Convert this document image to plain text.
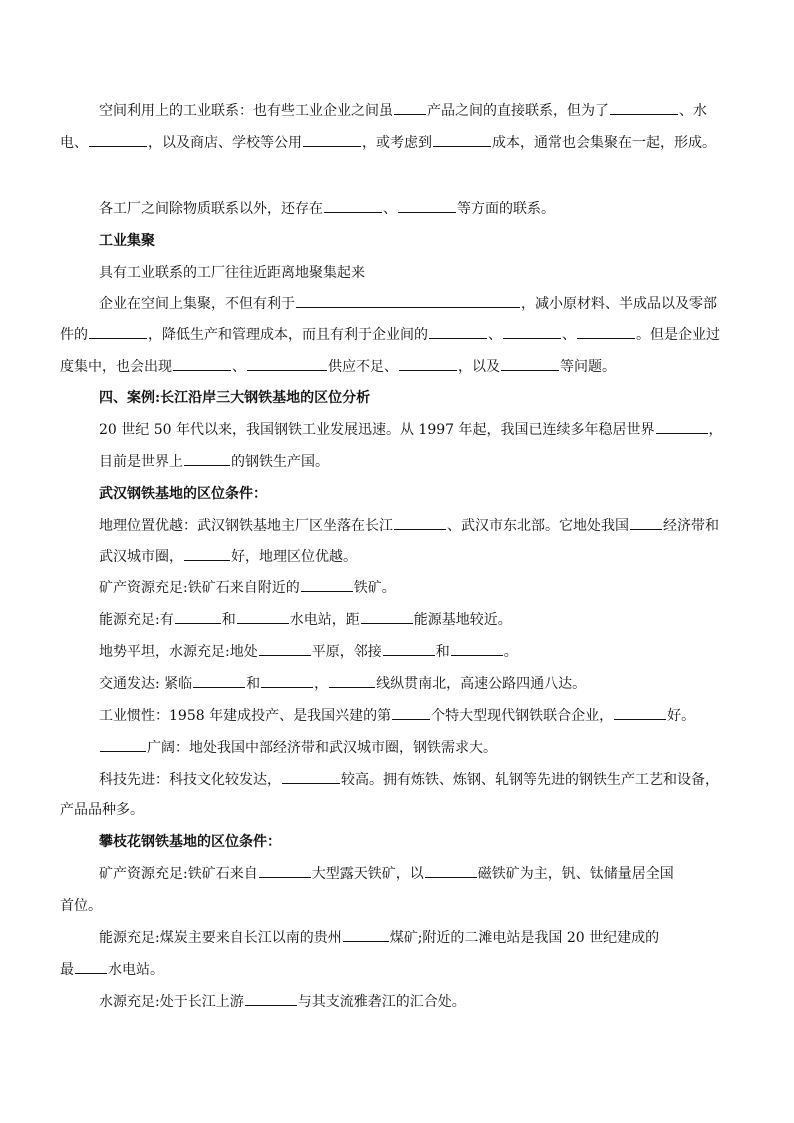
空间利用上的工业联系：也有些工业企业之间虽 产品之间的直接联系，但为了	、水
电、	，以及商店、学校等公用	，或考虑到	成本，通常也会集聚在一起，形成。
各工厂之间除物质联系以外，还存在	、	等方面的联系。
工业集聚
具有工业联系的工厂往往近距离地聚集起来
企业在空间上集聚，不但有利于	，减小原材料、半成品以及零部
件的	，降低生产和管理成本，而且有利于企业间的	、	、	。但是企业过
度集中，也会出现	、	供应不足、	，以及	等问题。
四、案例:长江沿岸三大钢铁基地的区位分析
20 世纪 50 年代以来，我国钢铁工业发展迅速。从 1997 年起，我国已连续多年稳居世界	，
目前是世界上	的钢铁生产国。
武汉钢铁基地的区位条件：
地理位置优越：武汉钢铁基地主厂区坐落在长江	、武汉市东北部。它地处我国 经济带和
武汉城市圈，	好，地理区位优越。
矿产资源充足:铁矿石来自附近的	铁矿。
能源充足:有	和	水电站，距	能源基地较近。
地势平坦，水源充足:地处	平原，邻接	和	。
交通发达: 紧临	和	，	线纵贯南北，高速公路四通八达。
工业惯性：1958 年建成投产、是我国兴建的第	个特大型现代钢铁联合企业，	好。
广阔：地处我国中部经济带和武汉城市圈，钢铁需求大。
科技先进：科技文化较发达，	较高。拥有炼铁、炼钢、轧钢等先进的钢铁生产工艺和设备，
产品品种多。
攀枝花钢铁基地的区位条件：
矿产资源充足:铁矿石来自	大型露天铁矿，以	磁铁矿为主，钒、钛储量居全国
首位。
能源充足:煤炭主要来自长江以南的贵州	煤矿;附近的二滩电站是我国 20 世纪建成的
最 水电站。
水源充足:处于长江上游	与其支流雅砻江的汇合处。
